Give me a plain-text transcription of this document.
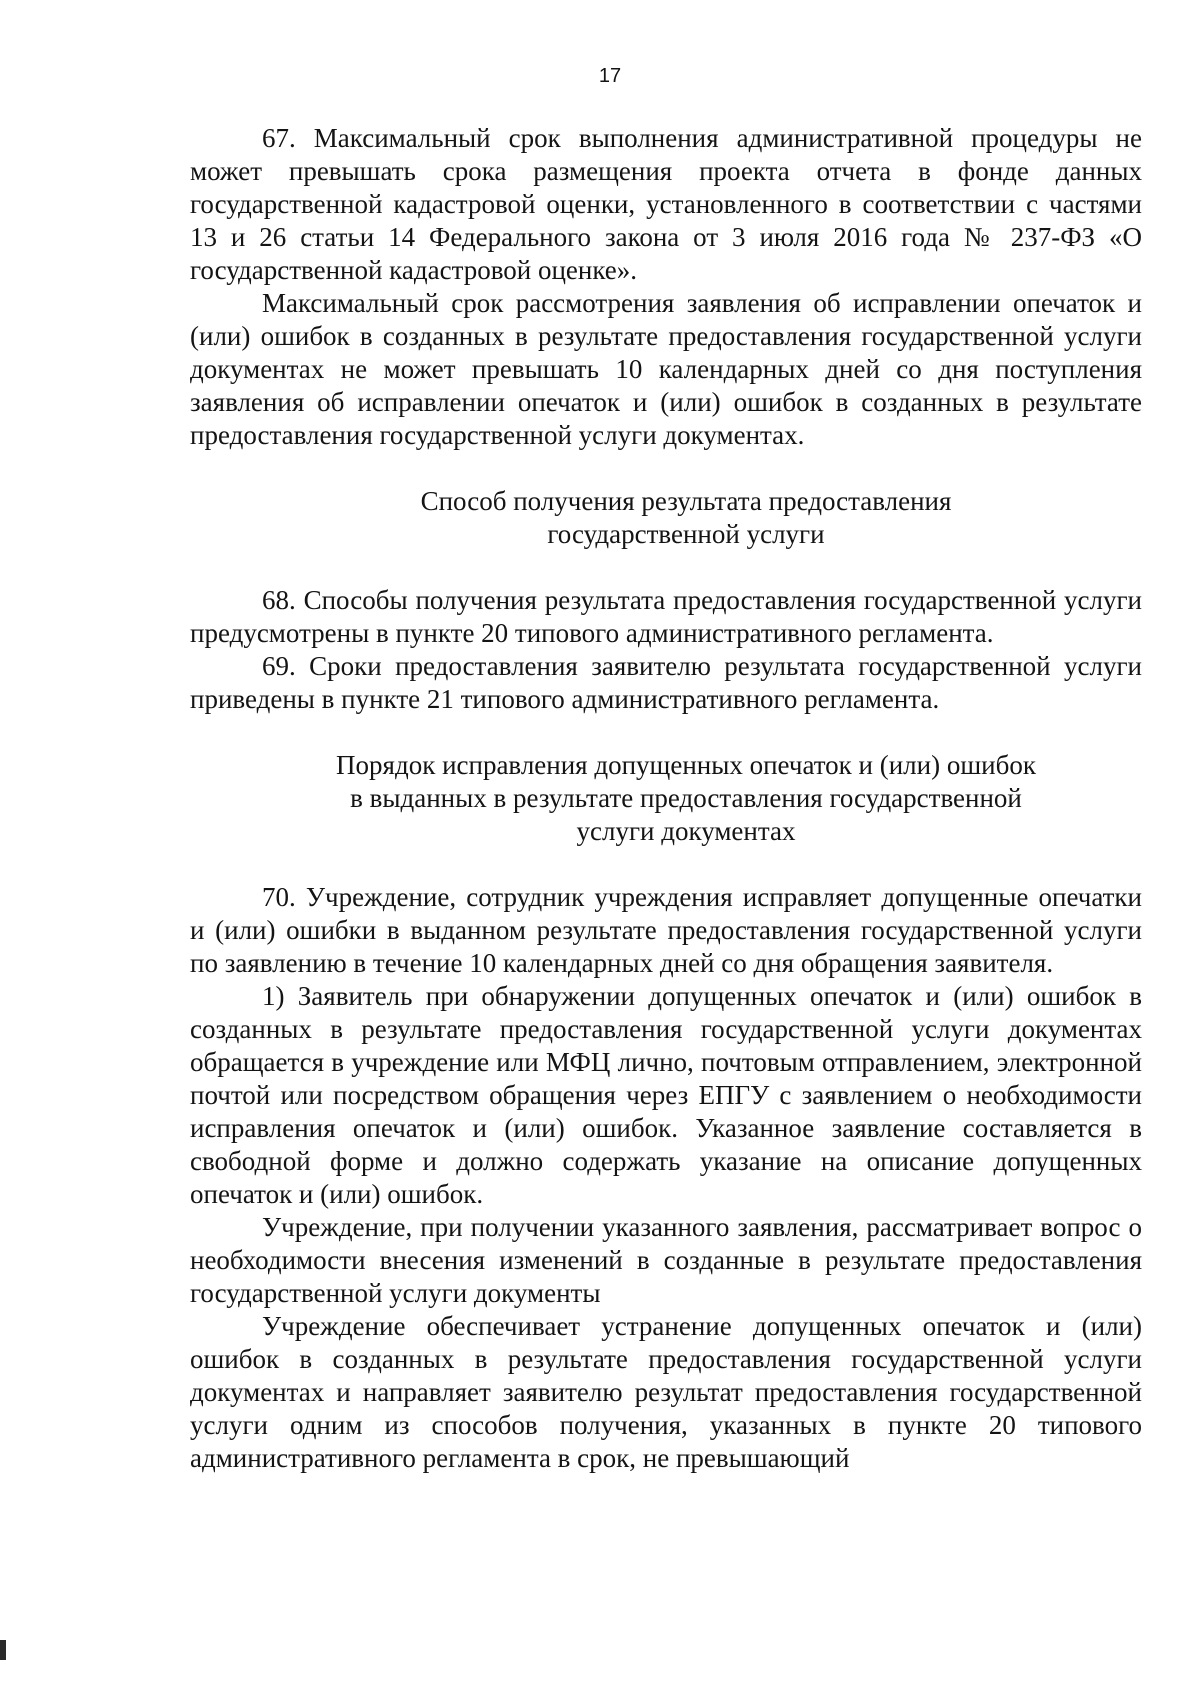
17

67. Максимальный срок выполнения административной процедуры не может превышать срока размещения проекта отчета в фонде данных государственной кадастровой оценки, установленного в соответствии с частями 13 и 26 статьи 14 Федерального закона от 3 июля 2016 года № 237-ФЗ «О государственной кадастровой оценке».

Максимальный срок рассмотрения заявления об исправлении опечаток и (или) ошибок в созданных в результате предоставления государственной услуги документах не может превышать 10 календарных дней со дня поступления заявления об исправлении опечаток и (или) ошибок в созданных в результате предоставления государственной услуги документах.

Способ получения результата предоставления

государственной услуги

68. Способы получения результата предоставления государственной услуги предусмотрены в пункте 20 типового административного регламента.

69. Сроки предоставления заявителю результата государственной услуги приведены в пункте 21 типового административного регламента.

Порядок исправления допущенных опечаток и (или) ошибок

в выданных в результате предоставления государственной

услуги документах

70. Учреждение, сотрудник учреждения исправляет допущенные опечатки и (или) ошибки в выданном результате предоставления государственной услуги по заявлению в течение 10 календарных дней со дня обращения заявителя.

1) Заявитель при обнаружении допущенных опечаток и (или) ошибок в созданных в результате предоставления государственной услуги документах обращается в учреждение или МФЦ лично, почтовым отправлением, электронной почтой или посредством обращения через ЕПГУ с заявлением о необходимости исправления опечаток и (или) ошибок. Указанное заявление составляется в свободной форме и должно содержать указание на описание допущенных опечаток и (или) ошибок.

Учреждение, при получении указанного заявления, рассматривает вопрос о необходимости внесения изменений в созданные в результате предоставления государственной услуги документы

Учреждение обеспечивает устранение допущенных опечаток и (или) ошибок в созданных в результате предоставления государственной услуги документах и направляет заявителю результат предоставления государственной услуги одним из способов получения, указанных в пункте 20 типового административного регламента в срок, не превышающий
